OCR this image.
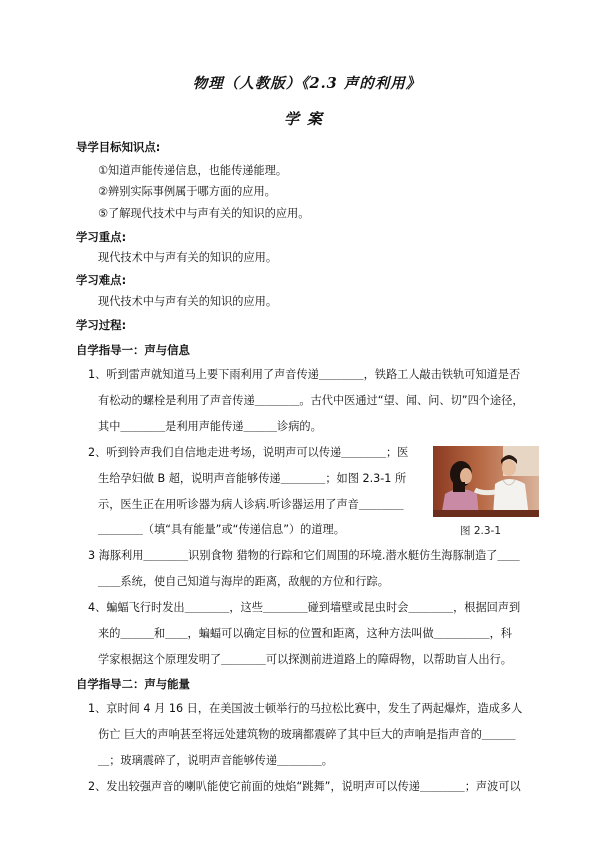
物理（人教版）《2.3 声的利用》
学案
导学目标知识点:
①知道声能传递信息，也能传递能理。
②辨别实际事例属于哪方面的应用。
⑤了解现代技术中与声有关的知识的应用。
学习重点:
现代技术中与声有关的知识的应用。
学习难点:
现代技术中与声有关的知识的应用。
学习过程:
自学指导一：声与信息
1、听到雷声就知道马上要下雨利用了声音传递＿＿＿＿，铁路工人敲击铁轨可知道是否
有松动的螺栓是利用了声音传递＿＿＿＿。古代中医通过“望、闻、问、切”四个途径，
其中＿＿＿＿是利用声能传递＿＿＿诊病的。
2、听到铃声我们自信地走进考场，说明声可以传递＿＿＿＿；医
生给孕妇做 B 超，说明声音能够传递＿＿＿＿；如图 2.3-1 所
示，医生正在用听诊器为病人诊病.听诊器运用了声音＿＿＿＿
＿＿＿＿（填“具有能量”或“传递信息”）的道理。	图 2.3-1
3 海豚利用＿＿＿＿识别食物 猎物的行踪和它们周围的环境.潜水艇仿生海豚制造了＿＿
＿＿系统，使自己知道与海岸的距离，敌舰的方位和行踪。
4、蝙蝠飞行时发出＿＿＿＿，这些＿＿＿＿碰到墙壁或昆虫时会＿＿＿＿，根据回声到
来的＿＿＿和＿＿，蝙蝠可以确定目标的位置和距离，这种方法叫做＿＿＿＿＿，科
学家根据这个原理发明了＿＿＿＿可以探测前进道路上的障碍物，以帮助盲人出行。
自学指导二：声与能量
1、京时间 4 月 16 日，在美国波士顿举行的马拉松比赛中，发生了两起爆炸，造成多人
伤亡 巨大的声响甚至将远处建筑物的玻璃都震碎了其中巨大的声响是指声音的＿＿＿
＿；玻璃震碎了，说明声音能够传递＿＿＿＿。
2、发出较强声音的喇叭能使它前面的烛焰“跳舞”，说明声可以传递＿＿＿＿；声波可以
